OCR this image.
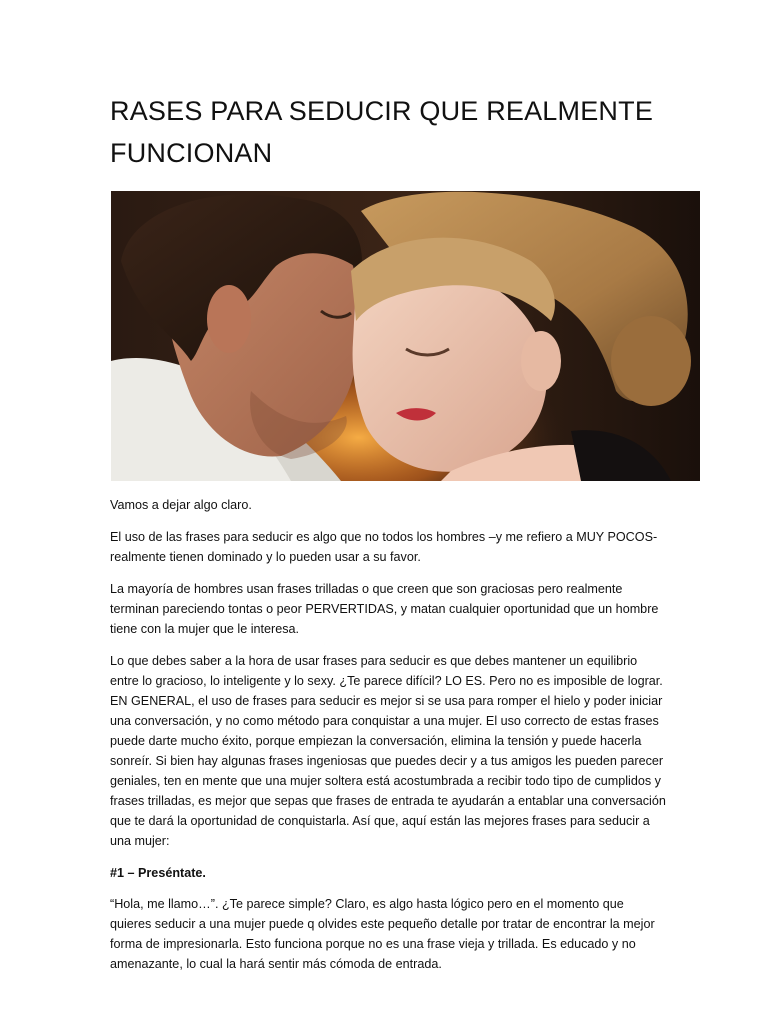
RASES PARA SEDUCIR QUE REALMENTE FUNCIONAN

Vamos a dejar algo claro.

El uso de las frases para seducir es algo que no todos los hombres –y me refiero a MUY POCOS- realmente tienen dominado y lo pueden usar a su favor.

La mayoría de hombres usan frases trilladas o que creen que son graciosas pero realmente terminan pareciendo tontas o peor PERVERTIDAS, y matan cualquier oportunidad que un hombre tiene con la mujer que le interesa.

Lo que debes saber a la hora de usar frases para seducir es que debes mantener un equilibrio entre lo gracioso, lo inteligente y lo sexy. ¿Te parece difícil? LO ES. Pero no es imposible de lograr. EN GENERAL, el uso de frases para seducir es mejor si se usa para romper el hielo y poder iniciar una conversación, y no como método para conquistar a una mujer. El uso correcto de estas frases puede darte mucho éxito, porque empiezan la conversación, elimina la tensión y puede hacerla sonreír. Si bien hay algunas frases ingeniosas que puedes decir y a tus amigos les pueden parecer geniales, ten en mente que una mujer soltera está acostumbrada a recibir todo tipo de cumplidos y frases trilladas, es mejor que sepas que frases de entrada te ayudarán a entablar una conversación que te dará la oportunidad de conquistarla. Así que, aquí están las mejores frases para seducir a una mujer:

#1 – Preséntate.

“Hola, me llamo…”. ¿Te parece simple? Claro, es algo hasta lógico pero en el momento que quieres seducir a una mujer puede q olvides este pequeño detalle por tratar de encontrar la mejor forma de impresionarla. Esto funciona porque no es una frase vieja y trillada. Es educado y no amenazante, lo cual la hará sentir más cómoda de entrada.
